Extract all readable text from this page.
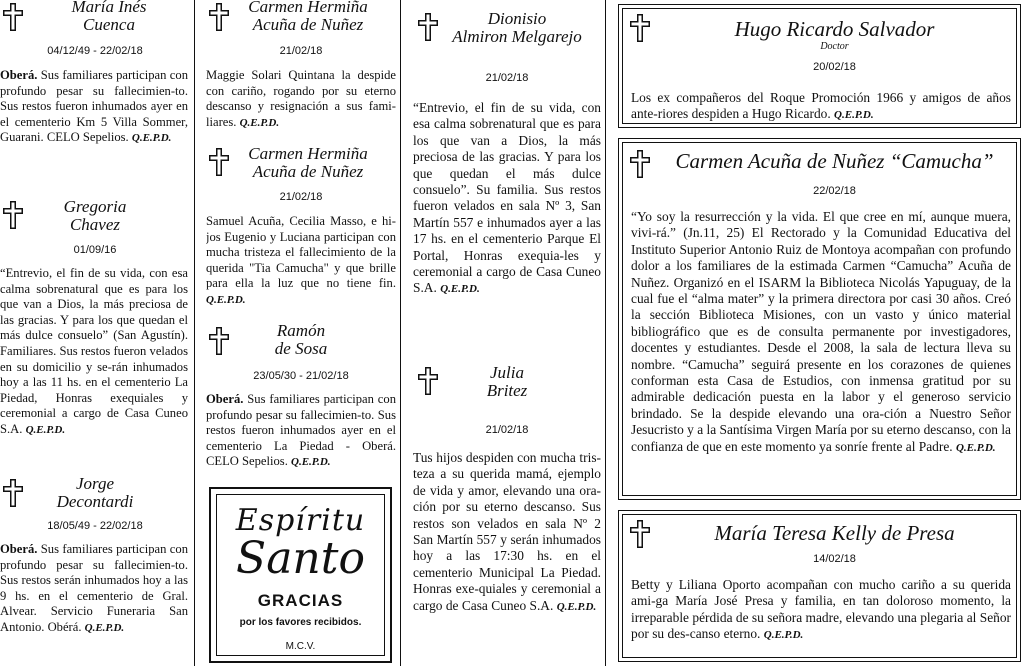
María Inés
Cuenca
04/12/49 - 22/02/18

Oberá. Sus familiares participan con profundo pesar su fallecimien-to. Sus restos fueron inhumados ayer en el cementerio Km 5 Villa Sommer, Guarani. CELO Sepelios. Q.E.P.D.

Gregoria
Chavez
01/09/16

“Entrevio, el fin de su vida, con esa calma sobrenatural que es para los que van a Dios, la más preciosa de las gracias. Y para los que quedan el más dulce consuelo” (San Agustín). Familiares. Sus restos fueron velados en su domicilio y se-rán inhumados hoy a las 11 hs. en el cementerio La Piedad, Honras exequiales y ceremonial a cargo de Casa Cuneo S.A. Q.E.P.D.

Jorge
Decontardi
18/05/49 - 22/02/18

Oberá. Sus familiares participan con profundo pesar su fallecimien-to. Sus restos serán inhumados hoy a las 9 hs. en el cementerio de Gral. Alvear. Servicio Funeraria San Antonio. Obérá. Q.E.P.D.

Carmen Hermiña
Acuña de Nuñez
21/02/18

Maggie Solari Quintana la despide con cariño, rogando por su eterno descanso y resignación a sus fami-liares. Q.E.P.D.

Carmen Hermiña
Acuña de Nuñez
21/02/18

Samuel Acuña, Cecilia Masso, e hi-jos Eugenio y Luciana participan con mucha tristeza el fallecimiento de la querida "Tia Camucha" y que brille para ella la luz que no tiene fin. Q.E.P.D.

Ramón
de Sosa
23/05/30 - 21/02/18

Oberá. Sus familiares participan con profundo pesar su fallecimien-to. Sus restos fueron inhumados ayer en el cementerio La Piedad - Oberá. CELO Sepelios. Q.E.P.D.

Espíritu
Santo
GRACIAS
por los favores recibidos.
M.C.V.
Dionisio
Almiron Melgarejo
21/02/18

“Entrevio, el fin de su vida, con esa calma sobrenatural que es para los que van a Dios, la más preciosa de las gracias. Y para los que quedan el más dulce consuelo”. Su familia. Sus restos fueron velados en sala Nº 3, San Martín 557 e inhumados ayer a las 17 hs. en el cementerio Parque El Portal, Honras exequia-les y ceremonial a cargo de Casa Cuneo S.A. Q.E.P.D.

Julia
Britez
21/02/18

Tus hijos despiden con mucha tris-teza a su querida mamá, ejemplo de vida y amor, elevando una ora-ción por su eterno descanso. Sus restos son velados en sala Nº 2 San Martín 557 y serán inhumados hoy a las 17:30 hs. en el cementerio Municipal La Piedad. Honras exe-quiales y ceremonial a cargo de Casa Cuneo S.A. Q.E.P.D.

Hugo Ricardo Salvador
Doctor
20/02/18

Los ex compañeros del Roque Promoción 1966 y amigos de años ante-riores despiden a Hugo Ricardo. Q.E.P.D.

Carmen Acuña de Nuñez “Camucha”
22/02/18

“Yo soy la resurrección y la vida. El que cree en mí, aunque muera, vivi-rá.” (Jn.11, 25) El Rectorado y la Comunidad Educativa del Instituto Superior Antonio Ruiz de Montoya acompañan con profundo dolor a los familiares de la estimada Carmen “Camucha” Acuña de Nuñez. Organizó en el ISARM la Biblioteca Nicolás Yapuguay, de la cual fue el “alma mater” y la primera directora por casi 30 años. Creó la sección Biblioteca Misiones, con un vasto y único material bibliográfico que es de consulta permanente por investigadores, docentes y estudiantes. Desde el 2008, la sala de lectura lleva su nombre. “Camucha” seguirá presente en los corazones de quienes conforman esta Casa de Estudios, con inmensa gratitud por su admirable dedicación puesta en la labor y el generoso servicio brindado. Se la despide elevando una ora-ción a Nuestro Señor Jesucristo y a la Santísima Virgen María por su eterno descanso, con la confianza de que en este momento ya sonríe frente al Padre. Q.E.P.D.

María Teresa Kelly de Presa
14/02/18

Betty y Liliana Oporto acompañan con mucho cariño a su querida ami-ga María José Presa y familia, en tan doloroso momento, la irreparable pérdida de su señora madre, elevando una plegaria al Señor por su des-canso eterno. Q.E.P.D.
